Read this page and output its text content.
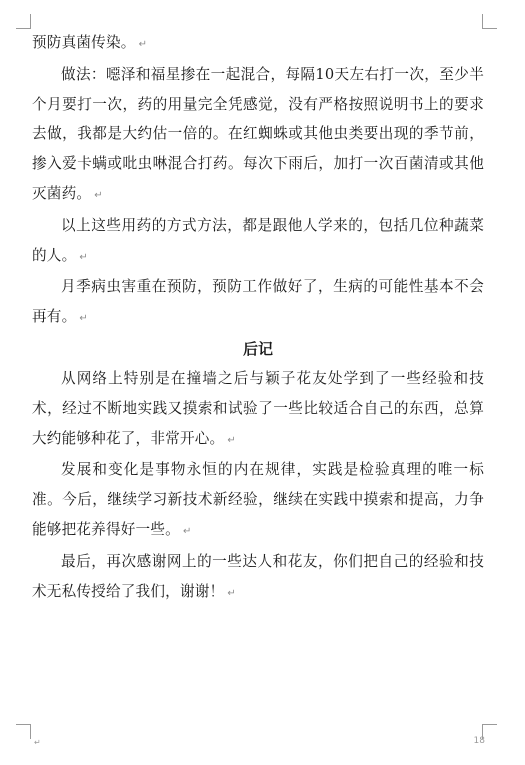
预防真菌传染。 ↵

做法：噁泽和福星掺在一起混合，每隔10天左右打一次，至少半个月要打一次，药的用量完全凭感觉，没有严格按照说明书上的要求去做，我都是大约估一倍的。在红蜘蛛或其他虫类要出现的季节前，掺入爱卡螨或吡虫啉混合打药。每次下雨后，加打一次百菌清或其他灭菌药。 ↵

以上这些用药的方式方法，都是跟他人学来的，包括几位种蔬菜的人。 ↵

月季病虫害重在预防，预防工作做好了，生病的可能性基本不会再有。 ↵

后记

从网络上特别是在撞墙之后与颖子花友处学到了一些经验和技术，经过不断地实践又摸索和试验了一些比较适合自己的东西，总算大约能够种花了，非常开心。 ↵

发展和变化是事物永恒的内在规律，实践是检验真理的唯一标准。今后，继续学习新技术新经验，继续在实践中摸索和提高，力争能够把花养得好一些。 ↵

最后，再次感谢网上的一些达人和花友，你们把自己的经验和技术无私传授给了我们，谢谢！ ↵

↵	18
